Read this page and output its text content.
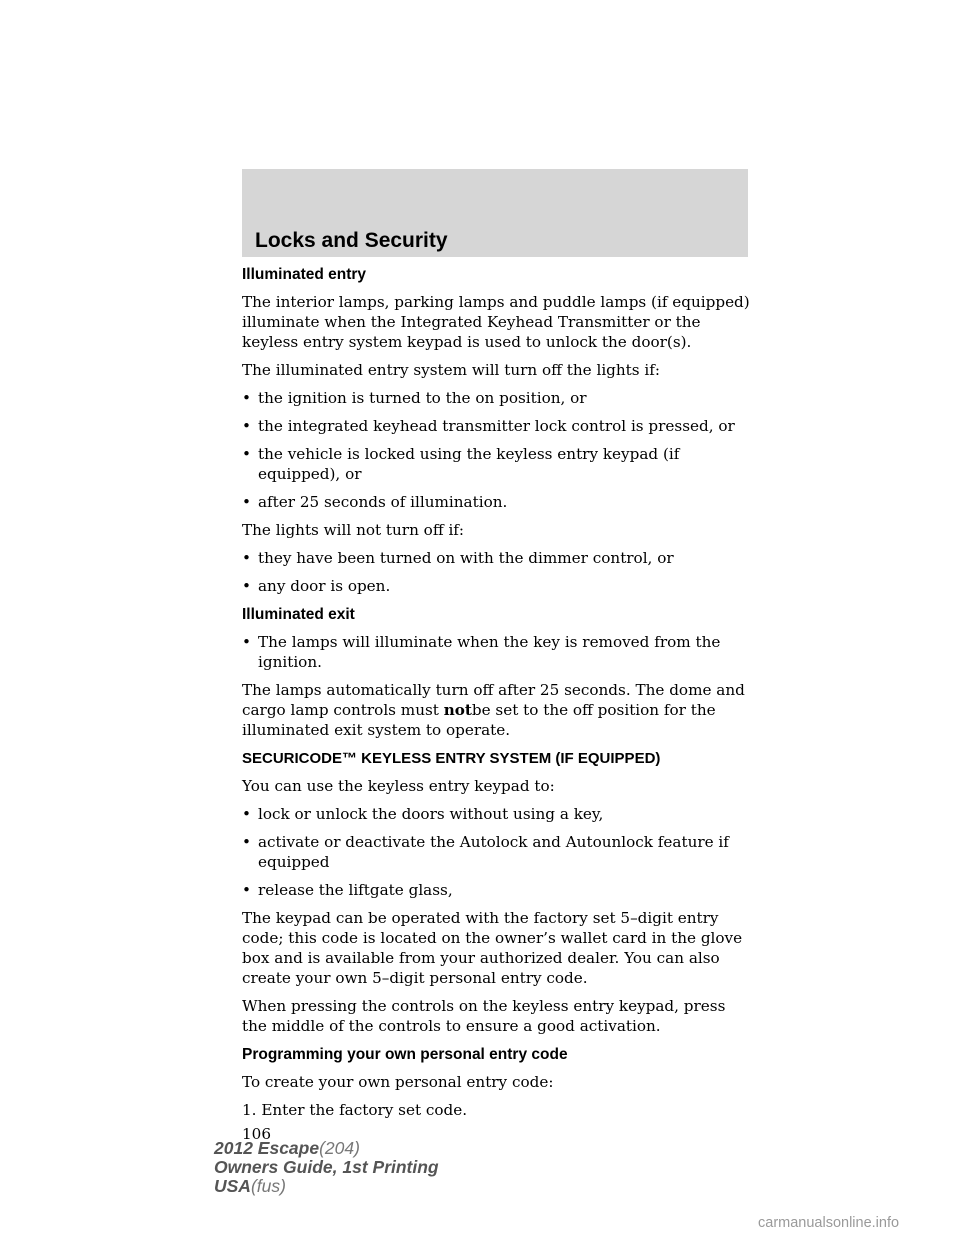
Locks and Security
Illuminated entry

The interior lamps, parking lamps and puddle lamps (if equipped) illuminate when the Integrated Keyhead Transmitter or the keyless entry system keypad is used to unlock the door(s).

The illuminated entry system will turn off the lights if:

• the ignition is turned to the on position, or
• the integrated keyhead transmitter lock control is pressed, or
• the vehicle is locked using the keyless entry keypad (if equipped), or
• after 25 seconds of illumination.

The lights will not turn off if:

• they have been turned on with the dimmer control, or
• any door is open.
Illuminated exit
• The lamps will illuminate when the key is removed from the ignition.

The lamps automatically turn off after 25 seconds. The dome and cargo lamp controls must notbe set to the off position for the illuminated exit system to operate.

SECURICODE™ KEYLESS ENTRY SYSTEM (IF EQUIPPED)

You can use the keyless entry keypad to:

• lock or unlock the doors without using a key,
• activate or deactivate the Autolock and Autounlock feature if equipped
• release the liftgate glass,

The keypad can be operated with the factory set 5–digit entry code; this code is located on the owner’s wallet card in the glove box and is available from your authorized dealer. You can also create your own 5–digit personal entry code.

When pressing the controls on the keyless entry keypad, press the middle of the controls to ensure a good activation.

Programming your own personal entry code

To create your own personal entry code:

1. Enter the factory set code.

106
2012 Escape(204)
Owners Guide, 1st Printing
USA(fus)
carmanualsonline.info
